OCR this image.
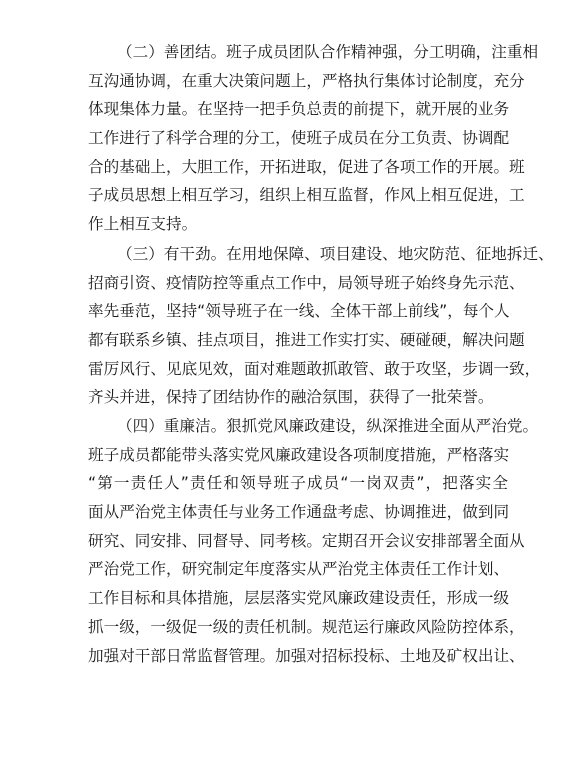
（二）善团结。班子成员团队合作精神强，分工明确，注重相
互沟通协调，在重大决策问题上，严格执行集体讨论制度，充分
体现集体力量。在坚持一把手负总责的前提下，就开展的业务
工作进行了科学合理的分工，使班子成员在分工负责、协调配
合的基础上，大胆工作，开拓进取，促进了各项工作的开展。班
子成员思想上相互学习，组织上相互监督，作风上相互促进，工
作上相互支持。
（三）有干劲。在用地保障、项目建设、地灾防范、征地拆迁、
招商引资、疫情防控等重点工作中，局领导班子始终身先示范、
率先垂范，坚持“领导班子在一线、全体干部上前线”，每个人
都有联系乡镇、挂点项目，推进工作实打实、硬碰硬，解决问题
雷厉风行、见底见效，面对难题敢抓敢管、敢于攻坚，步调一致，
齐头并进，保持了团结协作的融洽氛围，获得了一批荣誉。
（四）重廉洁。狠抓党风廉政建设，纵深推进全面从严治党。
班子成员都能带头落实党风廉政建设各项制度措施，严格落实
“第一责任人”责任和领导班子成员“一岗双责”，把落实全
面从严治党主体责任与业务工作通盘考虑、协调推进，做到同
研究、同安排、同督导、同考核。定期召开会议安排部署全面从
严治党工作，研究制定年度落实从严治党主体责任工作计划、
工作目标和具体措施，层层落实党风廉政建设责任，形成一级
抓一级，一级促一级的责任机制。规范运行廉政风险防控体系，
加强对干部日常监督管理。加强对招标投标、土地及矿权出让、
